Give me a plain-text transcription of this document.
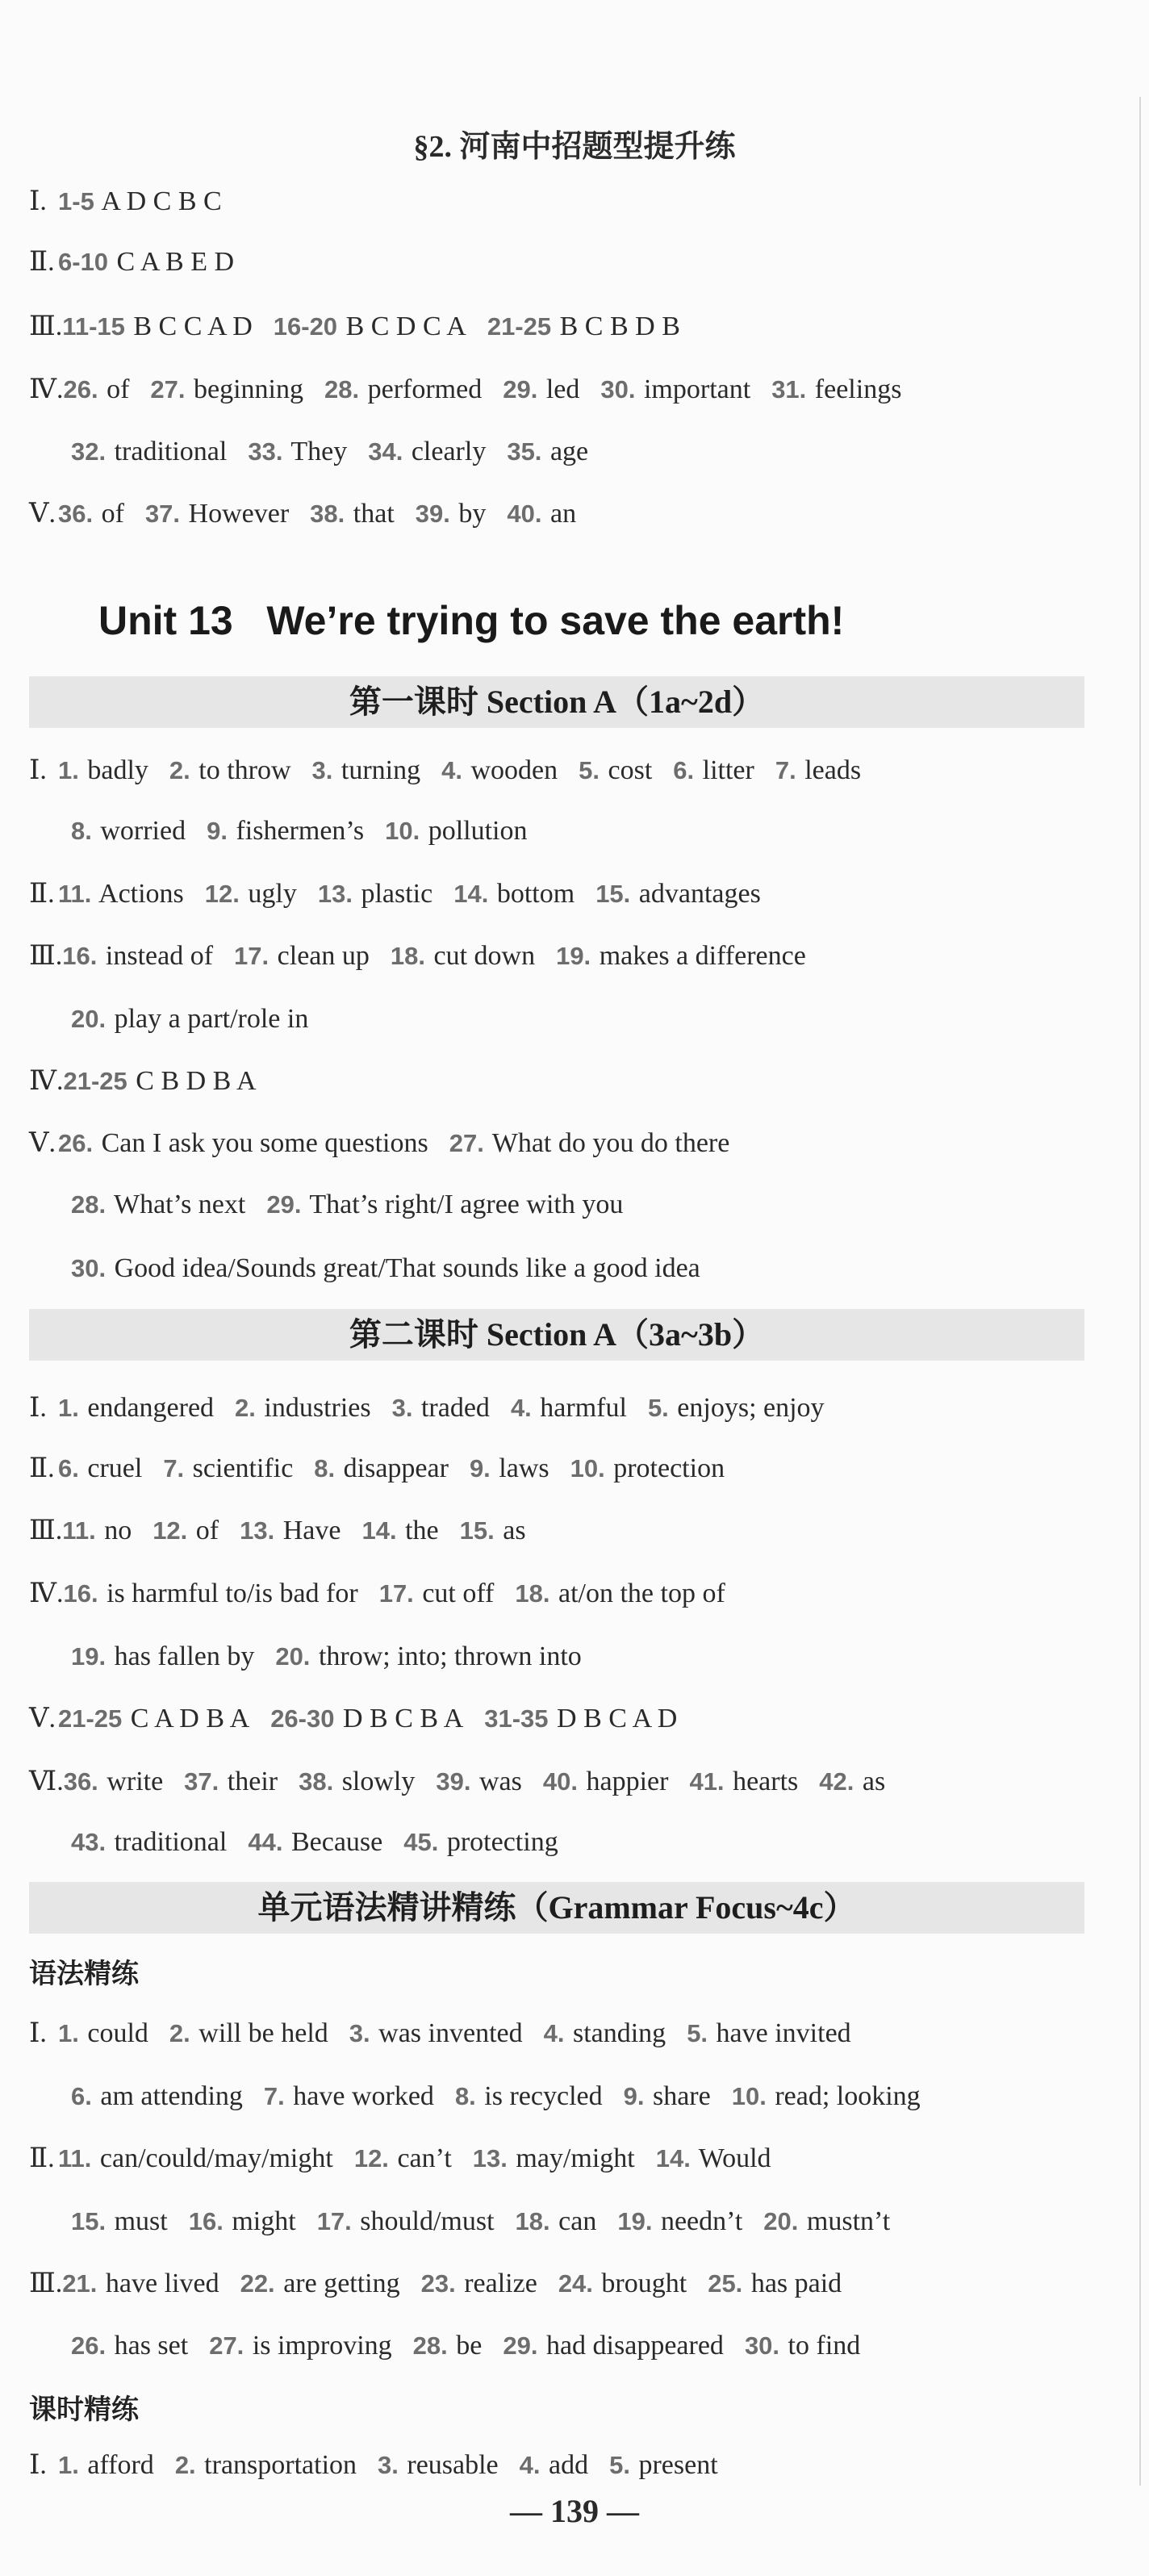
§2. 河南中招题型提升练
Ⅰ. 1-5 A D C B C
Ⅱ. 6-10 C A B E D
Ⅲ.11-15 B C C A D 16-20 B C D C A 21-25 B C B D B
Ⅳ.26. of 27. beginning 28. performed 29. led 30. important 31. feelings
32. traditional 33. They 34. clearly 35. age
Ⅴ.36. of 37. However 38. that 39. by 40. an
Unit 13   We’re trying to save the earth!
第一课时 Section A（1a~2d）
Ⅰ. 1. badly 2. to throw 3. turning 4. wooden 5. cost 6. litter 7. leads
8. worried 9. fishermen’s 10. pollution
Ⅱ. 11. Actions 12. ugly 13. plastic 14. bottom 15. advantages
Ⅲ.16. instead of 17. clean up 18. cut down 19. makes a difference
20. play a part/role in
Ⅳ.21-25 C B D B A
Ⅴ.26. Can I ask you some questions 27. What do you do there
28. What’s next 29. That’s right/I agree with you
30. Good idea/Sounds great/That sounds like a good idea
第二课时 Section A（3a~3b）
Ⅰ. 1. endangered 2. industries 3. traded 4. harmful 5. enjoys; enjoy
Ⅱ. 6. cruel 7. scientific 8. disappear 9. laws 10. protection
Ⅲ.11. no 12. of 13. Have 14. the 15. as
Ⅳ.16. is harmful to/is bad for 17. cut off 18. at/on the top of
19. has fallen by 20. throw; into; thrown into
Ⅴ.21-25 C A D B A 26-30 D B C B A 31-35 D B C A D
Ⅵ.36. write 37. their 38. slowly 39. was 40. happier 41. hearts 42. as
43. traditional 44. Because 45. protecting
单元语法精讲精练（Grammar Focus~4c）
语法精练
Ⅰ. 1. could 2. will be held 3. was invented 4. standing 5. have invited
6. am attending 7. have worked 8. is recycled 9. share 10. read; looking
Ⅱ. 11. can/could/may/might 12. can’t 13. may/might 14. Would
15. must 16. might 17. should/must 18. can 19. needn’t 20. mustn’t
Ⅲ.21. have lived 22. are getting 23. realize 24. brought 25. has paid
26. has set 27. is improving 28. be 29. had disappeared 30. to find
课时精练
Ⅰ. 1. afford 2. transportation 3. reusable 4. add 5. present
— 139 —
